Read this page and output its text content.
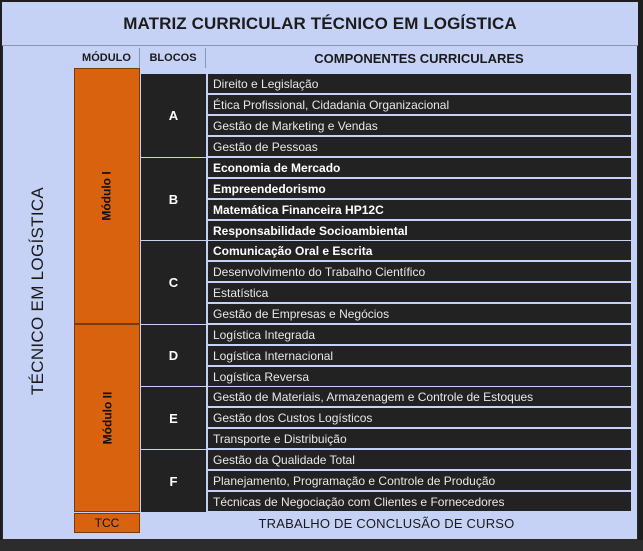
MATRIZ CURRICULAR TÉCNICO EM LOGÍSTICA
TÉCNICO EM LOGÍSTICA
MÓDULO	BLOCOS	COMPONENTES CURRICULARES
Módulo I
Módulo II
TCC
A
B
C
D
E
F
Direito e Legislação
Ética Profissional, Cidadania Organizacional
Gestão de Marketing e Vendas
Gestão de Pessoas
Economia de Mercado
Empreendedorismo
Matemática Financeira HP12C
Responsabilidade Socioambiental
Comunicação Oral e Escrita
Desenvolvimento do Trabalho Científico
Estatística
Gestão de Empresas e Negócios
Logística Integrada
Logística Internacional
Logística Reversa
Gestão de Materiais, Armazenagem e Controle de Estoques
Gestão dos Custos Logísticos
Transporte e Distribuição
Gestão da Qualidade Total
Planejamento, Programação e Controle de Produção
Técnicas de Negociação com Clientes e Fornecedores
TRABALHO DE CONCLUSÃO DE CURSO
